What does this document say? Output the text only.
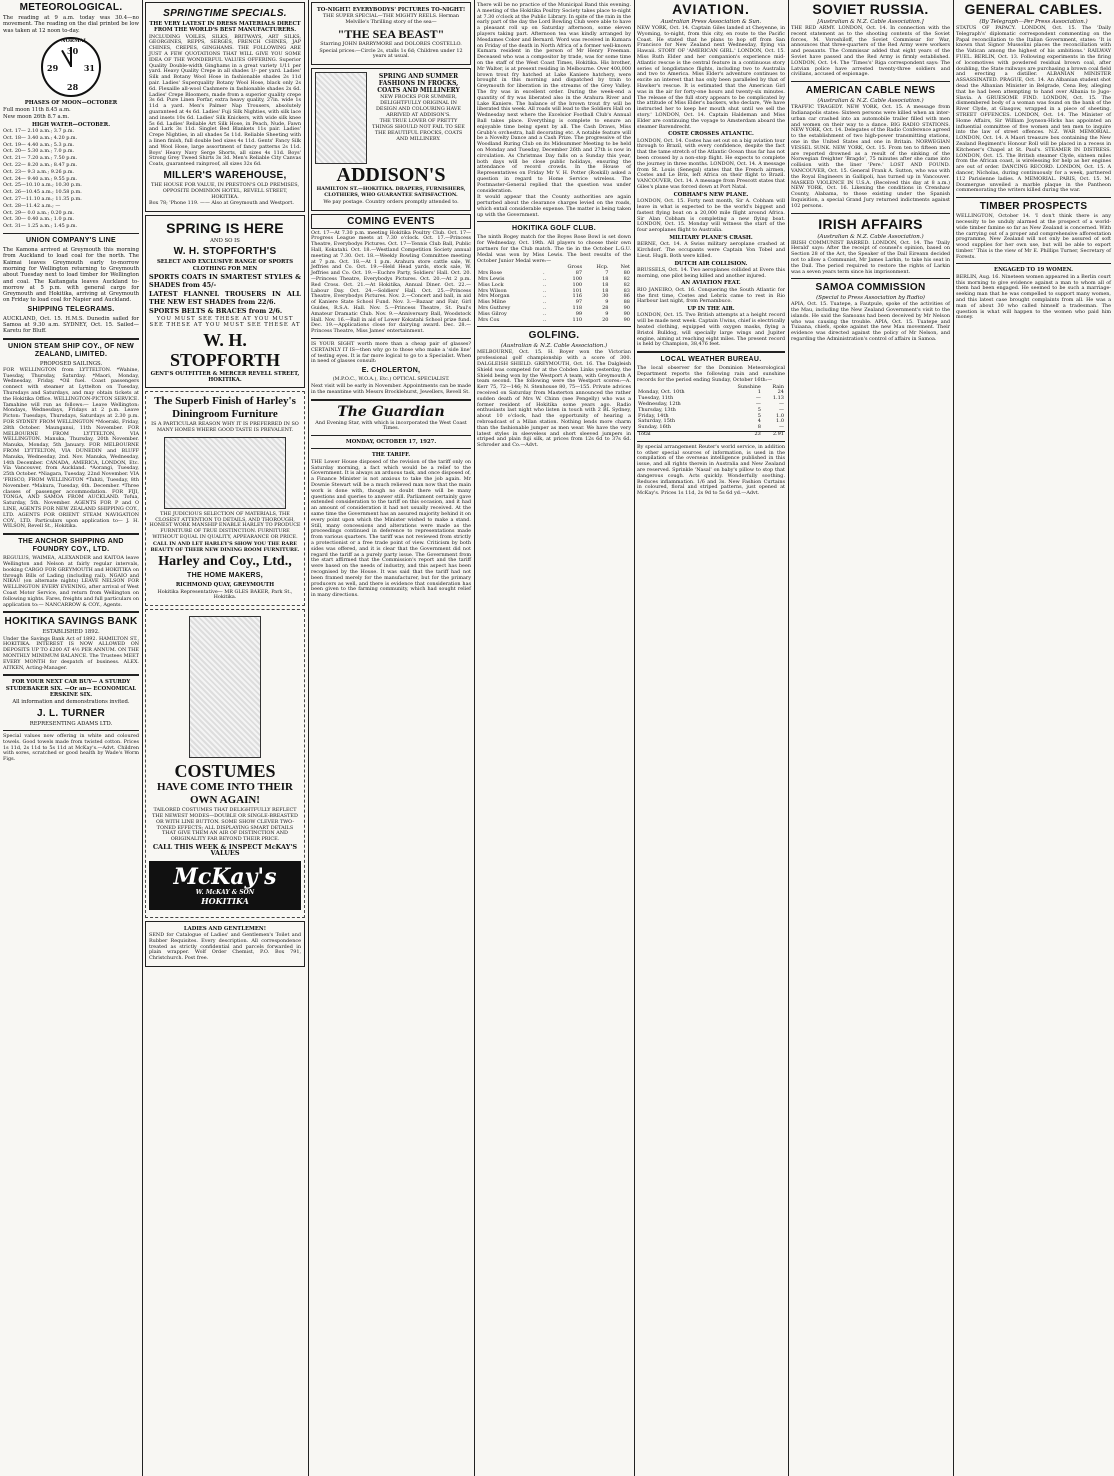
METEOROLOGICAL.
The reading at 9 a.m. today was 30.4—no movement. The reading on the dial printed be low was taken at 12 noon to-day.
NORMAL
30
29	31
28
PHASES OF MOON—OCTOBER
Full moon 11th 8.45 a.m.
New moon 26th 8.7 a.m.
HIGH WATER—OCTOBER.
Oct. 17— 2.10 a.m.; 3.7 p.m.
Oct. 18— 3.40 a.m.; 4.20 p.m.
Oct. 19— 4.40 a.m.; 5.3 p.m.
Oct. 20— 5.30 a.m.; 7.0 p.m.
Oct. 21— 7.20 a.m.; 7.50 p.m.
Oct. 22— 8.20 a.m.; 8.47 p.m.
Oct. 23— 9.3 a.m.; 9.26 p.m.
Oct. 24— 9.40 a.m.; 9.55 p.m.
Oct. 25—10.10 a.m.; 10.30 p.m.
Oct. 26—10.45 a.m.; 10.58 p.m.
Oct. 27—11.10 a.m.; 11.35 p.m.
Oct. 28—11.42 a.m.; —
Oct. 29— 0.0 a.m.; 0.20 p.m.
Oct. 30— 0.40 a.m.; 1.0 p.m.
Oct. 31— 1.25 a.m.; 1.45 p.m.
UNION COMPANY'S LINE
The Kamona arrived at Greymouth this morning from Auckland to load coal for the north. The Kaimai leaves Greymouth early to-morrow morning for Wellington returning to Greymouth about Tuesday next to load timber for Wellington and coal. The Kaitangata leaves Auckland to-morrow at 5 p.m. with general cargo for Greymouth and Hokitika, arriving at Greymouth on Friday to load coal for Napier and Auckland.
SHIPPING TELEGRAMS.
AUCKLAND, Oct. 15. H.M.S. Dunedin sailed for Samoa at 9.30 a.m. SYDNEY, Oct. 15. Sailed—Karetu for Bluff.
UNION STEAM SHIP COY., OF NEW ZEALAND, LIMITED.
PROPOSED SAILINGS.
FOR WELLINGTON from LYTTELTON. *Wahine, Tuesday, Thursday, Saturday. *Maori, Monday, Wednesday, Friday. *Oil fuel. Coast passengers connect with steamer at Lyttelton on Tuesday, Thursdays and Saturdays, and may obtain tickets at the Hokitika Office. WELLINGTON-PICTON SERVICE. Tamahine will run as follows:— Leave Wellington: Mondays, Wednesdays, Fridays at 2 p.m. Leave Picton: Tuesdays, Thursdays, Saturdays at 2.30 p.m. FOR SYDNEY FROM WELLINGTON *Moeraki, Friday, 28th October. Maunganui, 11th November. FOR MELBOURNE FROM LYTTELTON, VIA WELLINGTON. Manuka, Thursday, 20th November. Manuka, Monday, 5th January. FOR MELBOURNE FROM LYTTELTON, VIA DUNEDIN and BLUFF Manuka, Wednesday, 2nd. Nov. Manuka, Wednesday, 14th December. CANADA, AMERICA, LONDON, Etc. Via Vancouver, from Auckland. *Aorangi, Tuesday, 25th October. *Niagara, Tuesday, 22nd November. VIA 'FRISCO, FROM WELLINGTON *Tahiti, Tuesday, 8th November. *Makura, Tuesday, 6th. December. *Three classes of passenger accommodation. FOR FIJI, TONGA, AND SAMOA FROM AUCKLAND. Tofua, Saturday, 5th. November. AGENTS FOR P and O LINE, AGENTS FOR NEW ZEALAND SHIPPING COY., LTD. AGENTS FOR ORIENT STEAM NAVIGATION COY., LTD. Particulars upon application to— J. H. WILSON, Revell St., Hokitika.
THE ANCHOR SHIPPING AND FOUNDRY COY., LTD.
REGULUS, WAIMEA, ALEXANDER and KAITOA leave Wellington and Nelson at fairly regular intervals, booking CARGO FOR GREYMOUTH and HOKITIKA on through Bills of Lading (including rail). NGAIO and NIKAU (on alternate nights) LEAVE NELSON FOR WELLINGTON EVERY EVENING, after arrival of West Coast Motor Service, and return from Wellington on following nights. Fares, freights and full particulars on application to:— NANCARROW & COY., Agents.
HOKITIKA SAVINGS BANK
ESTABLISHED 1892.
Under the Savings Bank Act of 1892. HAMILTON ST., HOKITIKA. INTEREST IS NOW ALLOWED ON DEPOSITS UP TO £200 AT 4½ PER ANNUM. ON THE MONTHLY MINIMUM BALANCE. The Trustees MEET EVERY MONTH for despatch of business. ALEX. AITKEN, Acting-Manager.
FOR YOUR NEXT CAR BUY— A STURDY STUDEBAKER SIX. —Or an— ECONOMICAL ERSKINE SIX.
All information and demonstrations invited.
J. L. TURNER
REPRESENTING ADAMS LTD.
Special values now offering in white and coloured towels. Good towels made from twisted cotton. Prices 1s 11d, 2s 11d to 5s 11d at McKay's.—Advt. Children with sores, scratched or good health by Wade's Worm Figs.
SPRINGTIME SPECIALS.
THE VERY LATEST IN DRESS MATERIALS DIRECT FROM THE WORLD'S BEST MANUFACTURERS.
INCLUDING VOILES, SILKS, BRITWAYS, ART SILKS, GEORGINES, REPPS, SERGES, FRENCH CHINES, JAP CHINES, CREPES, GINGHAMS. THE FOLLOWING ARE JUST A FEW QUOTATIONS THAT WILL GIVE YOU SOME IDEA OF THE WONDERFUL VALUES OFFERING. Superior Quality Double-width Ginghams in a great variety 1/11 per yard. Heavy Quality Crepe in all shades 1/- per yard. Ladies' Silk and Botany Wool Hose in fashionable shades 2s 11d pair. Ladies' Superquality Botany Wool Hose, black only 2s 6d. Flexaille all-wool Cashmere in fashionable shades 2s 6d. Ladies' Crepe Bloomers, made from a superior quality crepe 3s 6d. Pure Linen Forfar, extra heavy quality, 27in. wide 1s 11d a yard. Men's Palmer Nap Trousers, absolutely guaranteed at 4s 6d. Ladies' Fuji Silk Nighties, with silk lace and insets 10s 6d. Ladies' Silk Knickers, with wide silk knee 5s 6d. Ladies' Reliable Art Silk Hose, in Peach, Nude, Fawn and Lark 3s 11d. Singlet Bed Blankets 11s pair. Ladies' Crepe Nighties, in all shades 5s 11d. Reliable Sheeting with a linen finish, full double bed sizes 4s 11d. Gents' Fancy Silk and Wool Hose, large assortment of fancy patterns 2s 11d. Boys' Heavy Navy Serge Shorts, all sizes 4s 11d. Boys' Strong Grey Tweed Shirts 3s 3d. Men's Reliable City Canvas Coats, guaranteed rainproof, all sizes 32s 6d.
MILLER'S WAREHOUSE,
THE HOUSE FOR VALUE, IN PRESTON'S OLD PREMISES, OPPOSITE DOMINION HOTEL, REVELL STREET, HOKITIKA.
Box 78; 'Phone 119. —— Also at Greymouth and Westport.
SPRING IS HERE
AND SO IS
W. H. STOPFORTH'S
SELECT AND EXCLUSIVE RANGE OF SPORTS CLOTHING FOR MEN
SPORTS COATS IN SMARTEST STYLES & SHADES from 45/-
LATEST FLANNEL TROUSERS IN ALL THE NEW EST SHADES from 22/6.
SPORTS BELTS & BRACES from 2/6.
YOU MUST SEE THESE AT YOU MUST SEE THESE AT YOU MUST SEE THESE AT
W. H. STOPFORTH
GENT'S OUTFITTER & MERCER REVELL STREET, HOKITIKA.
The Superb Finish of Harley's Diningroom Furniture
IS A PARTICULAR REASON WHY IT IS PREFERRED IN SO MANY HOMES WHERE GOOD TASTE IS PREVALENT.
THE JUDICIOUS SELECTION OF MATERIALS, THE CLOSEST ATTENTION TO DETAILS, AND THOROUGH, HONEST WORK MANSHIP ENABLE HARLEY TO PRODUCE FURNITURE OF TRUE DISTINCTION. FURNITURE WITHOUT EQUAL IN QUALITY, APPEARANCE OR PRICE.
CALL IN AND LET HARLEY'S SHOW YOU THE RARE BEAUTY OF THEIR NEW DINING ROOM FURNITURE.
Harley and Coy., Ltd.,
THE HOME MAKERS,
RICHMOND QUAY, GREYMOUTH
Hokitika Representative— MR GLES BAKER, Park St., Hokitika.
COSTUMES
HAVE COME INTO THEIR OWN AGAIN!
TAILORED COSTUMES THAT DELIGHTFULLY REFLECT THE NEWEST MODES—DOUBLE OR SINGLE-BREASTED OR WITH LINE BUTTON. SOME SHOW CLEVER TWO-TONED EFFECTS; ALL DISPLAYING SMART DETAILS THAT GIVE THEM AN AIR OF DISTINCTION AND ORIGINALITY FAR BEYOND THEIR PRICE.
CALL THIS WEEK & INSPECT McKAY'S VALUES
McKay's
W. McKAY & SON
HOKITIKA
LADIES AND GENTLEMEN!
SEND for Catalogue of Ladies' and Gentlemen's Toilet and Rubber Requisites. Every description. All correspondence treated as strictly confidential and parcels forwarded in plain wrapper. Wolf Order Chemist, P.O. Box 791, Christchurch. Post free.
TO-NIGHT! EVERYBODYS' PICTURES TO-NIGHT!
THE SUPER SPECIAL—THE MIGHTY REELS. Herman Melville's Thrilling story of the sea—
"THE SEA BEAST"
Starring JOHN BARRYMORE and DOLORES COSTELLO.
Special prices:—Circle 2s, stalls 1s 6d; Children under 12 years at usual.
SPRING AND SUMMER FASHIONS IN FROCKS, COATS AND MILLINERY
NEW FROCKS FOR SUMMER, DELIGHTFULLY ORIGINAL IN DESIGN AND COLOURING HAVE ARRIVED AT ADDISON'S.
THE TRUE LOVER OF PRETTY THINGS SHOULD NOT FAIL TO SEE THE BEAUTIFUL FROCKS, COATS AND MILLINERY.
ADDISON'S
HAMILTON ST.—HOKITIKA. DRAPERS, FURNISHERS, CLOTHIERS, WHO GUARANTEE SATISFACTION.
We pay postage. Country orders promptly attended to.
COMING EVENTS
Oct. 17—At 7.30 p.m. meeting Hokitika Poultry Club. Oct. 17—Progress League meets at 7.30 o'clock. Oct. 17.—Princess Theatre, Everybodys Pictures. Oct. 17—Tennis Club Ball, Public Hall, Kokatahi. Oct. 18.—Westland Competition Society annual meeting at 7.30. Oct. 18.—Weekly Bowling Committee meeting at 7 p.m. Oct. 18.—At 1 p.m. Arahura store cattle sale, W. Jeffries and Co. Oct. 19.—Held Head yards, stock sale, W. Jeffries and Co. Oct. 19.—Euchre Party, Soldiers' Hall. Oct. 20.—Princess Theatre, Everybodys Pictures. Oct. 20.—At 2 p.m. Red Cross. Oct. 21.—At Hokitika, Annual Diner. Oct. 22.—Labour Day. Oct. 24.—Soldiers' Hall. Oct. 25.—Princess Theatre, Everybodys Pictures. Nov. 2.—Concert and ball, in aid of Kaniere State School Fund. Nov. 3.—Bazaar and Fair, Girl Guides, R.S.A. Hall. Nov. 5.—Princess Theatre, St. Paul's Amateur Dramatic Club. Nov. 9.—Anniversary Ball, Woodstock Hall. Nov. 16.—Ball in aid of Lower Kokatahi School prize fund. Dec. 19.—Applications close for dairying award. Dec. 28.—Princess Theatre, Miss James' entertainment.
IS YOUR SIGHT worth more than a cheap pair of glasses? CERTAINLY IT IS—then why go to those who make a 'side line' of testing eyes. It is far more logical to go to a Specialist. When in need of glasses consult:
E. CHOLERTON,
(M.P.O.C., W.O.A.), Etc.) OPTICAL SPECIALIST.
Next visit will be early in November. Appointments can be made in the meantime with Messrs Brocklehurst, Jewellers, Revell St.
The Guardian
And Evening Star, with which is incorporated the West Coast Times.
MONDAY, OCTOBER 17, 1927.
THE TARIFF.
THE Lower House disposed of the revision of the tariff only on Saturday morning, a fact which would be a relief to the Government. It is always an arduous task, and once disposed of, a Finance Minister is not anxious to take the job again. Mr Downie Stewart will be a much relieved man now that the main work is done with, though no doubt there will be many questions and queries to answer still. Parliament certainly gave extended consideration to the tariff on this occasion, and it had an amount of consideration it had not usually received. At the same time the Government has an assured majority behind it on every point upon which the Minister wished to make a stand. Still, many concessions and alterations were made as the proceedings continued in deference to representations made from various quarters. The tariff was not reviewed from strictly a protectionist or a free trade point of view. Criticism by both sides was offered, and it is clear that the Government did not regard the tariff as a purely party issue. The Government from the start affirmed that the Commission's report and the tariff were based on the needs of industry, and this aspect has been recognised by the House. It was said that the tariff had not been framed merely for the manufacturer, but for the primary producers as well, and there is evidence that consideration has been given to the farming community, which had sought relief in many directions.
There will be no practice of the Municipal Band this evening. A meeting of the Hokitika Poultry Society takes place to-night at 7.30 o'clock at the Public Library. In spite of the rain in the early part of the day the Lord Bowling Club were able to have a pleasant roll up on Saturday afternoon, some eleven players taking part. Afternoon tea was kindly arranged by Mesdames Coker and Bernard. Word was received in Kumara on Friday of the death in North Africa of a former well-known Kumara resident in the person of Mr Henry Freeman. Deceased who was a compositor by trade, was for some time on the staff of the West Coast Times, Hokitika. His brother, Mr Walter, is at present residing in Melbourne. Over 400,000 brown trout fry hatched at Lake Kaniere hatchery, were brought in this morning and dispatched by train to Greymouth for liberation in the streams of the Grey Valley. The fry was in excellent order. During the week-end a quantity of fry was liberated also in the Arahura River and Lake Kaniere. The balance of the brown trout fry will be liberated this week. All roads will lead to the Soldiers Hall on Wednesday next where the Excelsior Football Club's Annual Ball takes place. Everything is complete to ensure an enjoyable time being spent by all. The Cash Draws, Miss Grubb's orchestra, hall decorating etc. A notable feature will be a Novelty Dance and a Cash Prize. The progressive of the Woodland Ruring Club on its Midsummer Meeting to be held on Monday and Tuesday, December 26th and 27th is now in circulation. As Christmas Day falls on a Sunday this year, both days will be close public holidays, ensuring the attendance of record crowds. In the House of Representatives on Friday Mr V. H. Potter (Roskill) asked a question in regard to Home Service wireless. The Postmaster-General replied that the question was under consideration.
It would appear that the County authorities are again perturbed about the clearance charges levied on the roads, which entail considerable expense. The matter is being taken up with the Government.
HOKITIKA GOLF CLUB.
The ninth Bogey match for the Boyes Rose Bowl is set down for Wednesday, Oct. 19th. All players to choose their own partners for the Club match. The tie in the October L.G.U. Medal was won by Miss Lewis. The best results of the October Junior Medal were:—
		Gross	Hcp.	Net
Mrs Rose	.	87	7	80
Mrs Lewis	..	100	18	82
Miss Lock	..	100	18	82
Mrs Wilson	..	101	18	83
Mrs Morgan	..	116	30	86
Miss Milne	..	97	9	88
Mrs Guthrey	..	118	28	90
Miss Gilroy	..	99	9	90
Mrs Cox	..	110	20	90
GOLFING.
(Australian & N.Z. Cable Association.)
MELBOURNE, Oct. 15. H. Boyer won the Victorian professional golf championship with a score of 300. DALGLEISH SHIELD. GREYMOUTH, Oct. 16. The Dalgleish Shield was competed for at the Cobden Links yesterday, the Shield being won by the Westport A team, with Greymouth A team second. The following were the Westport scores:—A. Kerr 75, 72—146; N. Stenhouse 80, 75—155. Private advices received on Saturday from Masterton announced the rather sudden death of Mrs W. Chinn (nee Pengelly) who was a former resident of Hokitika some years ago. Radio enthusiasts last night who listen in touch with 2 BL Sydney, about 10 o'clock, had the opportunity of hearing a rebroadcast of a Milan station. Nothing lends more charm than the fashionable jumper as men wear. We have the very latest styles in sleeveless and short sleeved jumpers in striped and plain fuji silk, at prices from 12s 6d to 37s 6d. Schroder and Co.—Advt.
AVIATION.
Australian Press Association & Sun.
NEW YORK, Oct. 14. Captain Giles landed at Cheyenne, in Wyoming, to-night, from this city, en route to the Pacific Coast. He stated that he plans to hop off from San Francisco for New Zealand next Wednesday, flying via Hawaii. STORY OF 'AMERICAN GIRL.' LONDON, Oct. 15. Miss Ruth Elder and her companion's experience mid-Atlantic rescue is the central feature in a continuous story series of longdistance flights, including two to Australia and two to America. Miss Elder's adventure continues to excite an interest that has only been paralleled by that of Hawker's rescue. It is estimated that the American Girl was in the air for forty-one hours and twenty-six minutes. The release of the full story appears to be complicated by the attitude of Miss Elder's backers, who declare, 'We have instructed her to keep her mouth shut until we sell the story.' LONDON, Oct. 14. Captain Haldeman and Miss Elder are continuing the voyage to Amsterdam aboard the steamer Barendrecht.
COSTE CROSSES ATLANTIC.
LONDON, Oct. 14. Costes has set out on a big aviation tour through to Brazil, with every confidence, despite the fact that the tame stretch of the Atlantic Ocean thus far has not been crossed by a non-stop flight. He expects to complete the journey in three months. LONDON, Oct. 14. A message from St. Louis (Senegal) states that the French airmen, Costes and Le Brix, left Africa on their flight to Brazil. VANCOUVER, Oct. 14. A message from Prescott states that Giles's plane was forced down at Port Natal.
COBHAM'S NEW PLANE.
LONDON, Oct. 15. Forty next month, Sir A. Cobham will leave in what is expected to be the world's biggest and fastest flying boat on a 20,000 mile flight around Africa. Sir Alan Cobham is completing a new flying boat. LONDON, Oct. 15. Monday will witness the start of the four aeroplanes flight to Australia.
MILITARY PLANE'S CRASH.
BERNE, Oct. 14. A Swiss military aeroplane crashed at Kirchdorf. The occupants were Captain Von Tobel and Lieut. Hugli. Both were killed.
DUTCH AIR COLLISION.
BRUSSELS, Oct. 14. Two aeroplanes collided at Evere this morning, one pilot being killed and another injured.
AN AVIATION FEAT.
RIO JANEIRO, Oct. 16. Conquering the South Atlantic for the first time, Costes and Lebrix came to rest in Rio Harbour last night, from Pernambuco.
UP IN THE AIR.
LONDON, Oct. 15. Two British attempts at a height record will be made next week. Captain Uwins, chief is electrically heated clothing, equipped with oxygen masks, flying a Bristol Bulldog, will specially large wings and Jupiter engine, aiming at reaching eight miles. The present record is held by Champion, 38,476 feet.
LOCAL WEATHER BUREAU.
The local observer for the Dominion Meteorological Department reports the following rain and sunshine records for the period ending Sunday, October 16th:—
	Sunshine	Rain
Monday, Oct. 10th	1	24
Tuesday, 11th	—	1.13
Wednesday, 12th	—	—
Thursday, 13th	5	—
Friday, 14th	5	1.0
Saturday, 15th	4	1.0
Sunday, 16th	8	—
Total	23	2.91
By special arrangement Reuter's world service, in addition to other special sources of information, is used in the compilation of the overseas intelligence published in this issue, and all rights therein in Australia and New Zealand are reserved. Sprinkle 'Nasal' on baby's pillow to stop that dangerous cough. Acts quickly. Wonderfully soothing. Reduces inflammation. 1/6 and 3s. New Fashion Curtains in coloured, floral and striped patterns, just opened at McKay's. Prices 1s 11d, 2s 9d to 5s 6d yd.—Advt.
SOVIET RUSSIA.
[Australian & N.Z. Cable Association.]
THE RED ARMY. LONDON, Oct. 14. In connection with the recent statement as to the shooting contents of the Soviet forces, M. Voroshiloff, the Soviet Commissar for War, announces that three-quarters of the Red Army were workers and peasants. The Commissar added that eight years of the Soviet have passed and the Red Army is firmly established. LONDON, Oct. 14. The 'Times's' Riga correspondent says: The Latvian police have arrested twenty-three soldiers and civilians, accused of espionage.
AMERICAN CABLE NEWS
(Australian & N.Z. Cable Association.)
TRAFFIC TRAGEDY. NEW YORK, Oct. 15. A message from Indianapolis states: Sixteen persons were killed when an inter-urban car crashed into an automobile trailer filled with men and women on their way to a dance. BIG RADIO STATIONS. NEW YORK, Oct. 14. Delegates of the Radio Conference agreed to the establishment of two high-power transmitting stations, one in the United States and one in Britain. NORWEGIAN VESSEL SUNK. NEW YORK, Oct. 15. From ten to fifteen men are reported drowned as a result of the sinking of the Norwegian freighter 'Bragdo', 75 minutes after she came into collision with the liner 'Pere.' LOST AND FOUND. VANCOUVER, Oct. 15. General Frank A. Sutton, who was with the Royal Engineers in Gallipoli, has turned up in Vancouver. MASKED VIOLENCE IN U.S.A. (Received this day at 8 a.m.) NEW YORK, Oct. 16. Likening the conditions in Crenshaw County, Alabama, to those existing under the Spanish Inquisition, a special Grand Jury returned indictments against 102 persons.
IRISH AFFAIRS
(Australian & N.Z. Cable Association.)
IRISH COMMUNIST BARRED. LONDON, Oct. 14. The 'Daily Herald' says: After the receipt of counsel's opinion, based on Section 28 of the Act, the Speaker of the Dail Eireann decided not to allow a Communist, Mr James Larkin, to take his seat in the Dail. The period required to restore the rights of Larkin was a seven years term since his imprisonment.
SAMOA COMMISSION
(Special to Press Association by Radio)
APIA, Oct. 15. Tuatepe, a Fautpule, spoke of the activities of the Mau, including the New Zealand Government's visit to the islands. He said the Samoans had been deceived by Mr Nelson who was causing the trouble. APIA, Oct. 15. Tuatepe and Tuiaana, chiefs, spoke against the new Mau movement. Their evidence was directed against the policy of Mr Nelson, and regarding the Administration's control of affairs in Samoa.
GENERAL CABLES.
(By Telegraph—Per Press Association.)
STATUS OF PAPACY. LONDON, Oct. 15. The 'Daily Telegraph's' diplomatic correspondent commenting on the Papal reconciliation to the Italian Government, states: 'It is known that Signor Mussolini places the reconciliation with the Vatican among the highest of his ambitions.' RAILWAY FUEL. BERLIN, Oct. 13. Following experiments in the firing of locomotives with powdered residual brown coal, after doubling, the State railways are purchasing a brown coal field and erecting a distiller. ALBANIAN MINISTER ASSASSINATED. PRAGUE, Oct. 14. An Albanian student shot dead the Albanian Minister in Belgrade, Cena Bey, alleging that he had been attempting to hand over Albania to Jugo-Slavia. A GRUESOME FIND. LONDON, Oct. 15. The dismembered body of a woman was found on the bank of the River Clyde, at Glasgow, wrapped in a piece of sheeting. STREET OFFENCES. LONDON, Oct. 14. The Minister of Home Affairs, Sir William Joynson-Hicks has appointed an influential committee of five women and ten men to inquire into the law of street offences. N.Z. WAR MEMORIAL. LONDON, Oct. 14. A Maori treasure box containing the New Zealand Regiment's Honour Roll will be placed in a recess in Kitchener's Chapel at St. Paul's. STEAMER IN DISTRESS. LONDON, Oct. 15. The British steamer Clyde, sixteen miles from the African coast, is wirelessing for help as her engines are out of order. DANCING RECORD. LONDON, Oct. 15. A dancer, Nicholas, during continuously for a week, partnered 112 Parisienne ladies. A MEMORIAL. PARIS, Oct. 15. M. Doumergue unveiled a marble plaque in the Pantheon commemorating the writers killed during the war.
TIMBER PROSPECTS
WELLINGTON, October 14. 'I don't think there is any necessity to be unduly alarmed at the prospect of a world-wide timber famine so far as New Zealand is concerned. With the carrying out of a proper and comprehensive afforestation programme, New Zealand will not only be assured of soft wood supplies for her own use, but will be able to export timber.' This is the view of Mr E. Phillips Turner, Secretary of Forests.
ENGAGED TO 19 WOMEN.
BERLIN, Aug. 16. Nineteen women appeared in a Berlin court this morning to give evidence against a man to whom all of them had been engaged. He seemed to be such a marriage-seeking man that he was compelled to support many women, and this latest case brought complaints from all. He was a man of about 30 who called himself a tradesman. The question is what will happen to the women who paid him money.
